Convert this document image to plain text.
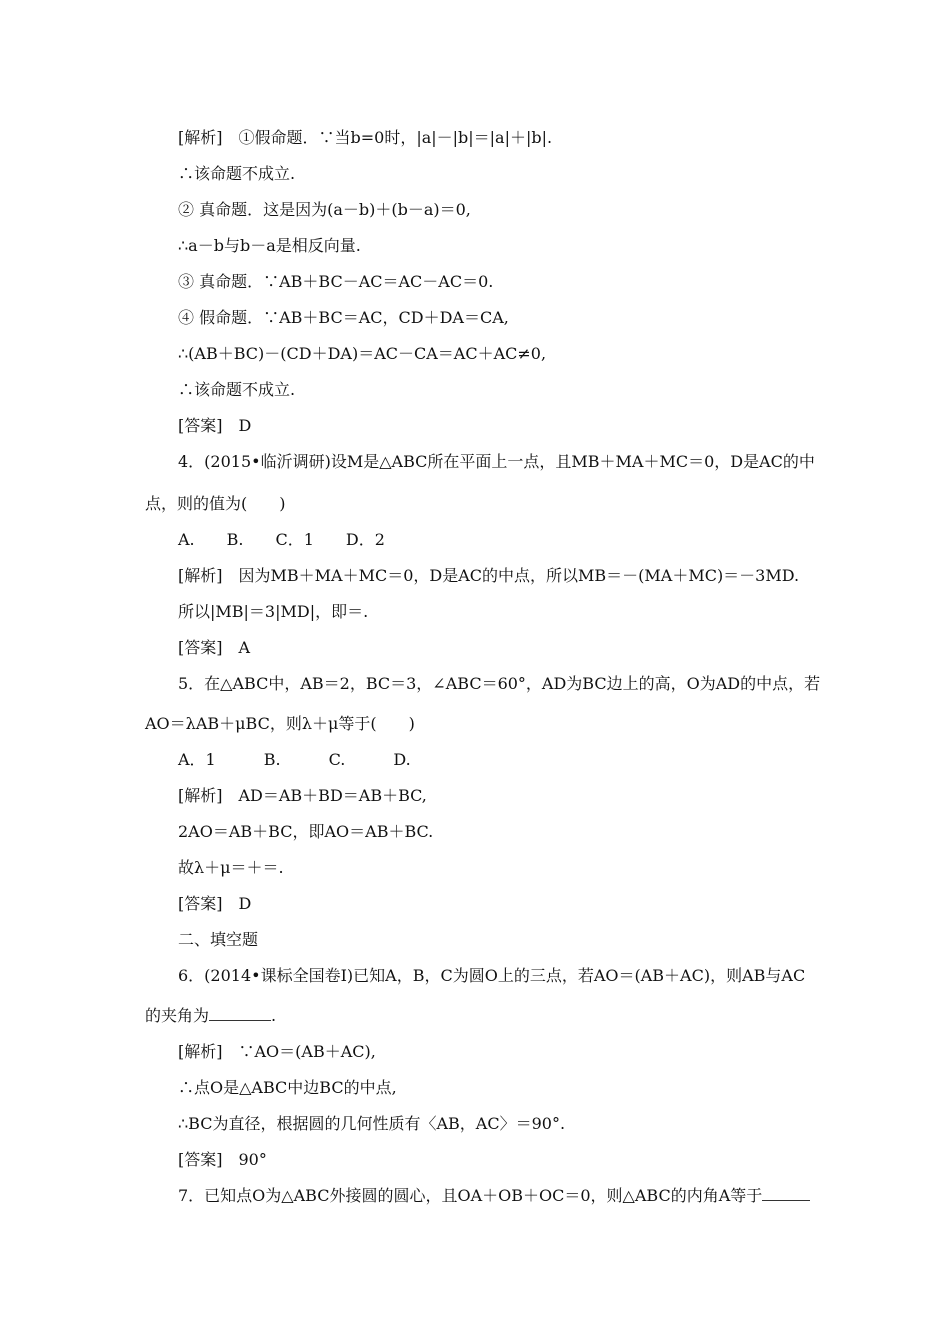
[解析]　①假命题．∵当b=0时，|a|－|b|＝|a|＋|b|.
∴该命题不成立.
② 真命题．这是因为(a－b)＋(b－a)＝0,
∴a－b与b－a是相反向量.
③ 真命题．∵AB＋BC－AC＝AC－AC＝0.
④ 假命题．∵AB＋BC＝AC，CD＋DA＝CA,
∴(AB＋BC)－(CD＋DA)＝AC－CA＝AC＋AC≠0,
∴该命题不成立.
[答案]　D
4．(2015•临沂调研)设M是△ABC所在平面上一点，且MB＋MA＋MC＝0，D是AC的中
点，则的值为(　　)
A.　　B.　　C．1　　D．2
[解析]　因为MB＋MA＋MC＝0，D是AC的中点，所以MB＝－(MA＋MC)＝－3MD.
所以|MB|＝3|MD|，即＝.
[答案]　A
5．在△ABC中，AB＝2，BC＝3，∠ABC＝60°，AD为BC边上的高，O为AD的中点，若
AO＝λAB＋μBC，则λ＋μ等于(　　)
A．1　　　B.　　　C.　　　D.
[解析]　AD＝AB＋BD＝AB＋BC,
2AO＝AB＋BC，即AO＝AB＋BC.
故λ＋μ＝＋＝.
[答案]　D
二、填空题
6．(2014•课标全国卷Ⅰ)已知A，B，C为圆O上的三点，若AO＝(AB＋AC)，则AB与AC
的夹角为	.
[解析]　∵AO＝(AB＋AC),
∴点O是△ABC中边BC的中点,
∴BC为直径，根据圆的几何性质有〈AB，AC〉＝90°.
[答案]　90°
7．已知点O为△ABC外接圆的圆心，且OA＋OB＋OC＝0，则△ABC的内角A等于
